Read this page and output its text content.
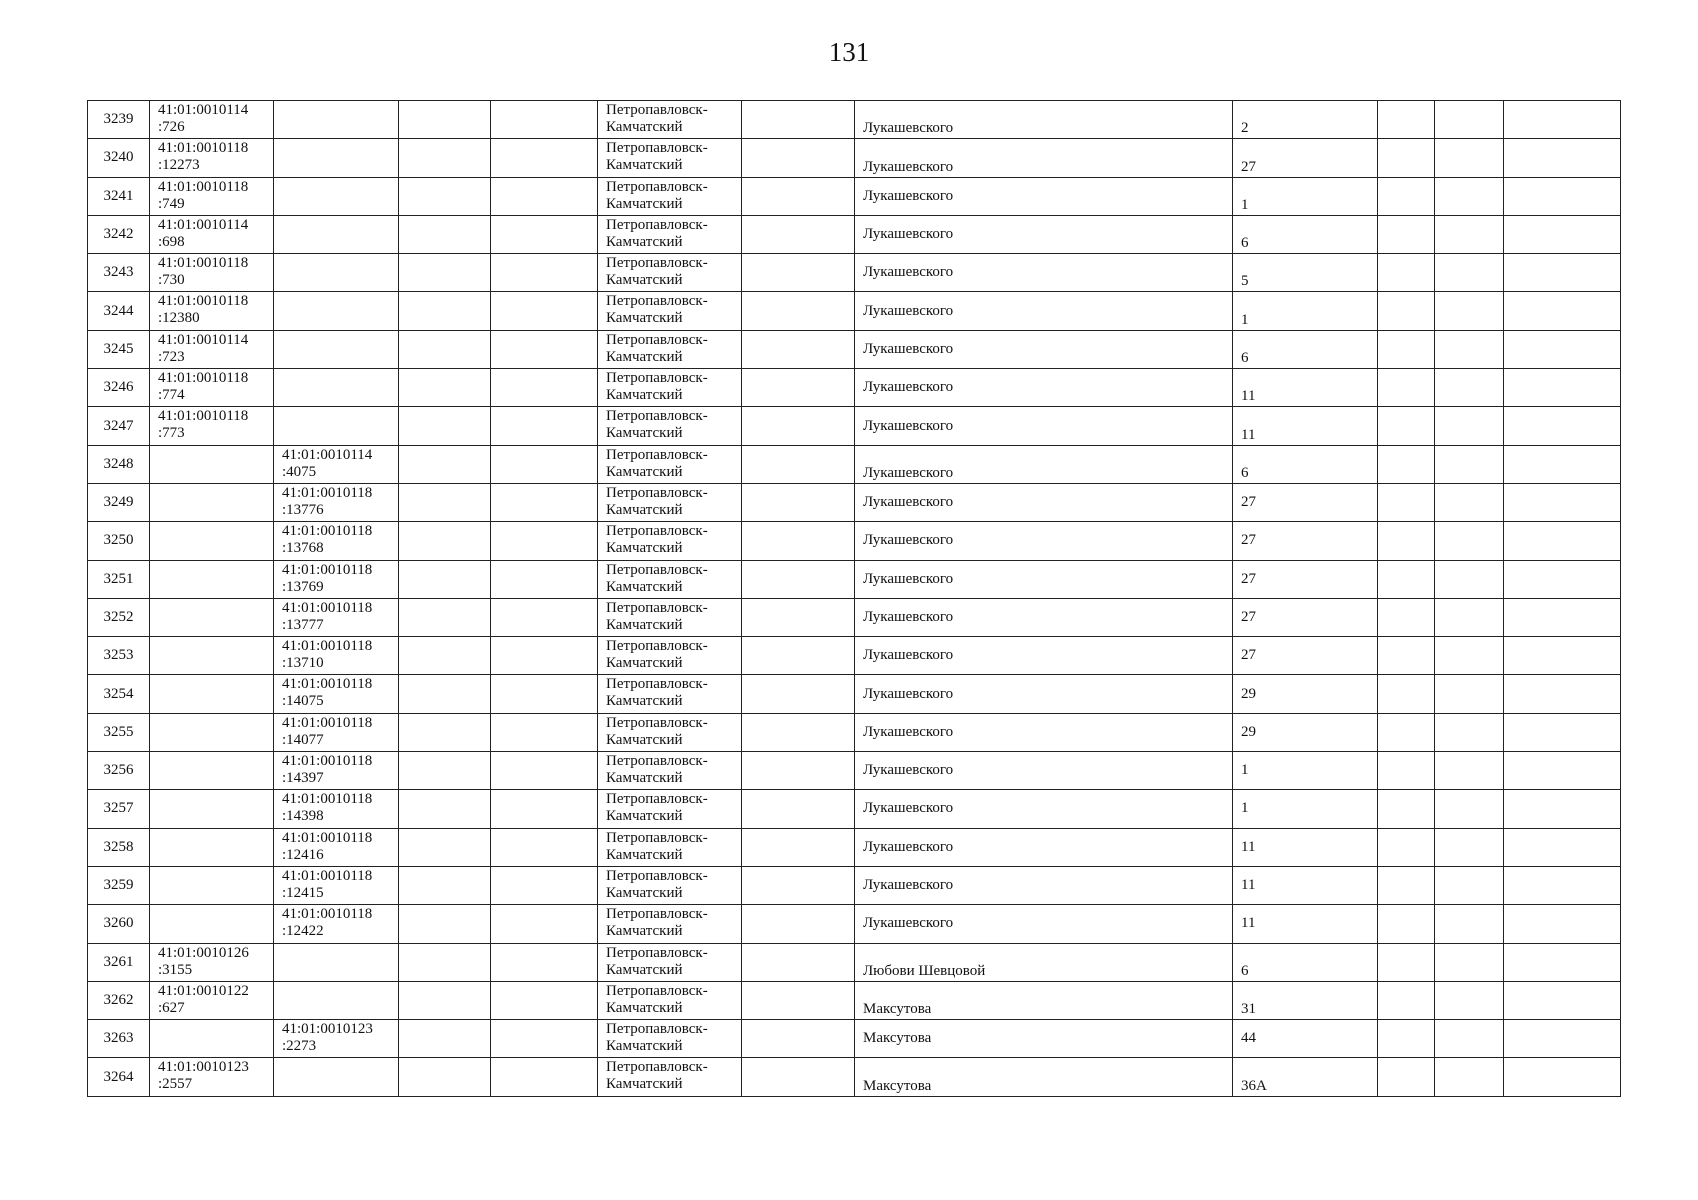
131
3239	41:01:0010114
:726				Петропавловск-
Камчатский		Лукашевского	2			
3240	41:01:0010118
:12273				Петропавловск-
Камчатский		Лукашевского	27			
3241	41:01:0010118
:749				Петропавловск-
Камчатский		Лукашевского	1			
3242	41:01:0010114
:698				Петропавловск-
Камчатский		Лукашевского	6			
3243	41:01:0010118
:730				Петропавловск-
Камчатский		Лукашевского	5			
3244	41:01:0010118
:12380				Петропавловск-
Камчатский		Лукашевского	1			
3245	41:01:0010114
:723				Петропавловск-
Камчатский		Лукашевского	6			
3246	41:01:0010118
:774				Петропавловск-
Камчатский		Лукашевского	11			
3247	41:01:0010118
:773				Петропавловск-
Камчатский		Лукашевского	11			
3248		41:01:0010114
:4075			Петропавловск-
Камчатский		Лукашевского	6			
3249		41:01:0010118
:13776			Петропавловск-
Камчатский		Лукашевского	27			
3250		41:01:0010118
:13768			Петропавловск-
Камчатский		Лукашевского	27			
3251		41:01:0010118
:13769			Петропавловск-
Камчатский		Лукашевского	27			
3252		41:01:0010118
:13777			Петропавловск-
Камчатский		Лукашевского	27			
3253		41:01:0010118
:13710			Петропавловск-
Камчатский		Лукашевского	27			
3254		41:01:0010118
:14075			Петропавловск-
Камчатский		Лукашевского	29			
3255		41:01:0010118
:14077			Петропавловск-
Камчатский		Лукашевского	29			
3256		41:01:0010118
:14397			Петропавловск-
Камчатский		Лукашевского	1			
3257		41:01:0010118
:14398			Петропавловск-
Камчатский		Лукашевского	1			
3258		41:01:0010118
:12416			Петропавловск-
Камчатский		Лукашевского	11			
3259		41:01:0010118
:12415			Петропавловск-
Камчатский		Лукашевского	11			
3260		41:01:0010118
:12422			Петропавловск-
Камчатский		Лукашевского	11			
3261	41:01:0010126
:3155				Петропавловск-
Камчатский		Любови Шевцовой	6			
3262	41:01:0010122
:627				Петропавловск-
Камчатский		Максутова	31			
3263		41:01:0010123
:2273			Петропавловск-
Камчатский		Максутова	44			
3264	41:01:0010123
:2557				Петропавловск-
Камчатский		Максутова	36А			
